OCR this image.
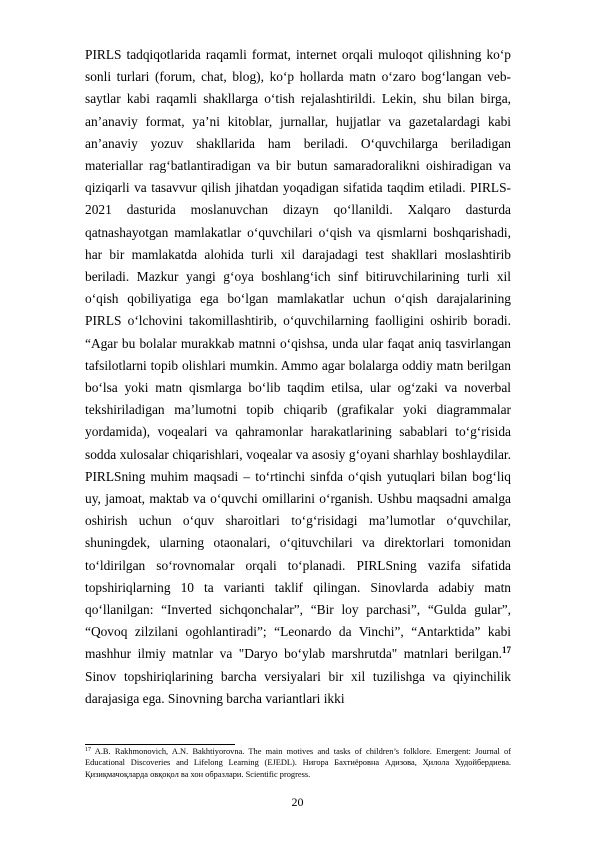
PIRLS tadqiqotlarida raqamli format, internet orqali muloqot qilishning ko‘p sonli turlari (forum, chat, blog), ko‘p hollarda matn o‘zaro bog‘langan veb-saytlar kabi raqamli shakllarga o‘tish rejalashtirildi. Lekin, shu bilan birga, an’anaviy format, ya’ni kitoblar, jurnallar, hujjatlar va gazetalardagi kabi an’anaviy yozuv shakllarida ham beriladi. O‘quvchilarga beriladigan materiallar rag‘batlantiradigan va bir butun samaradoralikni oishiradigan va qiziqarli va tasavvur qilish jihatdan yoqadigan sifatida taqdim etiladi. PIRLS-2021 dasturida moslanuvchan dizayn qo‘llanildi. Xalqaro dasturda qatnashayotgan mamlakatlar o‘quvchilari o‘qish va qismlarni boshqarishadi, har bir mamlakatda alohida turli xil darajadagi test shakllari moslashtirib beriladi. Mazkur yangi g‘oya boshlang‘ich sinf bitiruvchilarining turli xil o‘qish qobiliyatiga ega bo‘lgan mamlakatlar uchun o‘qish darajalarining PIRLS o‘lchovini takomillashtirib, o‘quvchilarning faolligini oshirib boradi. “Agar bu bolalar murakkab matnni o‘qishsa, unda ular faqat aniq tasvirlangan tafsilotlarni topib olishlari mumkin. Ammo agar bolalarga oddiy matn berilgan bo‘lsa yoki matn qismlarga bo‘lib taqdim etilsa, ular og‘zaki va noverbal tekshiriladigan ma’lumotni topib chiqarib (grafikalar yoki diagrammalar yordamida), voqealari va qahramonlar harakatlarining sabablari to‘g‘risida sodda xulosalar chiqarishlari, voqealar va asosiy g‘oyani sharhlay boshlaydilar. PIRLSning muhim maqsadi – to‘rtinchi sinfda o‘qish yutuqlari bilan bog‘liq uy, jamoat, maktab va o‘quvchi omillarini o‘rganish. Ushbu maqsadni amalga oshirish uchun o‘quv sharoitlari to‘g‘risidagi ma’lumotlar o‘quvchilar, shuningdek, ularning otaonalari, o‘qituvchilari va direktorlari tomonidan to‘ldirilgan so‘rovnomalar orqali to‘planadi. PIRLSning vazifa sifatida topshiriqlarning 10 ta varianti taklif qilingan. Sinovlarda adabiy matn qo‘llanilgan: “Inverted sichqonchalar”, “Bir loy parchasi”, “Gulda gular”, “Qovoq zilzilani ogohlantiradi”; “Leonardo da Vinchi”, “Antarktida” kabi mashhur ilmiy matnlar va "Daryo bo‘ylab marshrutda" matnlari berilgan.$^{17}$ Sinov topshiriqlarining barcha versiyalari bir xil tuzilishga va qiyinchilik darajasiga ega. Sinovning barcha variantlari ikki

$^{17}$ A.B. Rakhmonovich, A.N. Bakhtiyorovna. The main motives and tasks of children’s folklore. Emergent: Journal of Educational Discoveries and Lifelong Learning (EJEDL). Нигора Бахтиёровна Адизова, Ҳилола Худойбердиева. Қизиқмачоқларда овқоқол ва хон образлари. Scientific progress.
20
